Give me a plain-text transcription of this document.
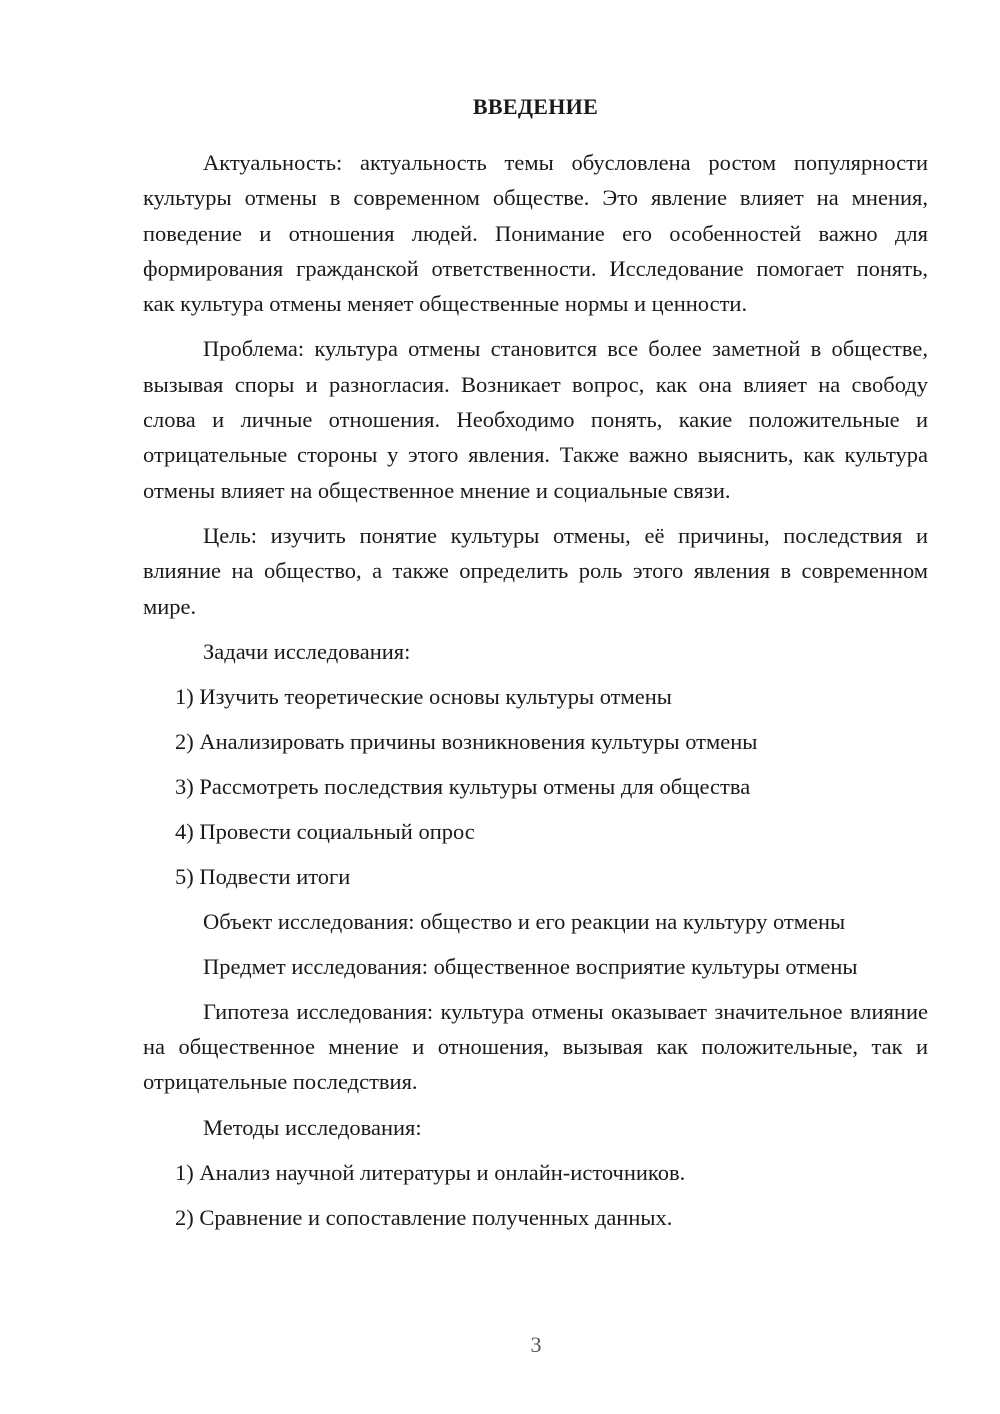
ВВЕДЕНИЕ

Актуальность: актуальность темы обусловлена ростом популярности культуры отмены в современном обществе. Это явление влияет на мнения, поведение и отношения людей. Понимание его особенностей важно для формирования гражданской ответственности. Исследование помогает понять, как культура отмены меняет общественные нормы и ценности.

Проблема: культура отмены становится все более заметной в обществе, вызывая споры и разногласия. Возникает вопрос, как она влияет на свободу слова и личные отношения. Необходимо понять, какие положительные и отрицательные стороны у этого явления. Также важно выяснить, как культура отмены влияет на общественное мнение и социальные связи.

Цель: изучить понятие культуры отмены, её причины, последствия и влияние на общество, а также определить роль этого явления в современном мире.

Задачи исследования:
1) Изучить теоретические основы культуры отмены
2) Анализировать причины возникновения культуры отмены
3) Рассмотреть последствия культуры отмены для общества
4) Провести социальный опрос
5) Подвести итоги
Объект исследования: общество и его реакции на культуру отмены
Предмет исследования: общественное восприятие культуры отмены

Гипотеза исследования: культура отмены оказывает значительное влияние на общественное мнение и отношения, вызывая как положительные, так и отрицательные последствия.

Методы исследования:
1) Анализ научной литературы и онлайн-источников.
2) Сравнение и сопоставление полученных данных.
3
